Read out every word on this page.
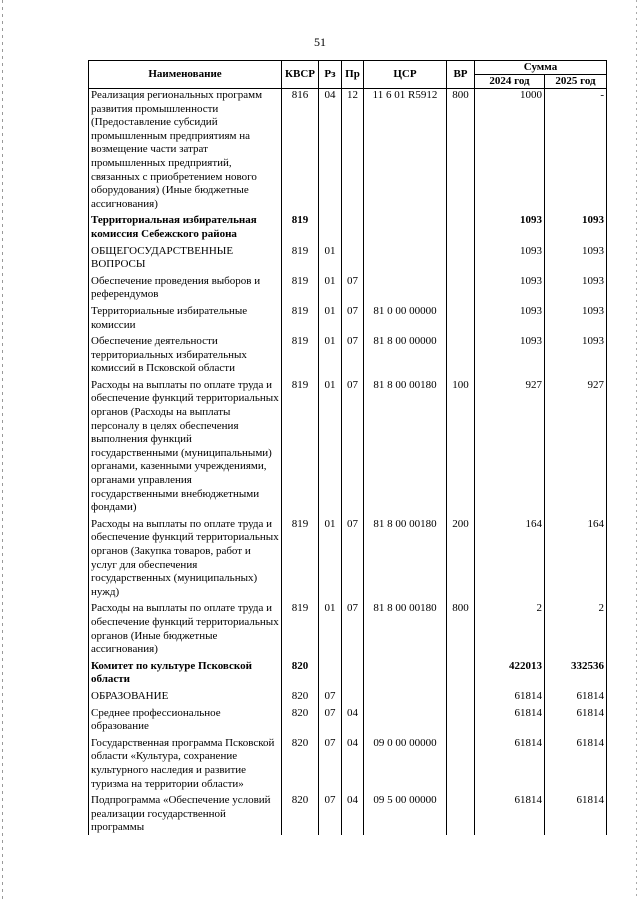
51
Наименование	КВСР	Рз	Пр	ЦСР	ВР	Сумма	
						2024 год	2025 год
Реализация региональных программ развития промышленности (Предоставление субсидий промышленным предприятиям на возмещение части затрат промышленных предприятий, связанных с приобретением нового оборудования) (Иные бюджетные ассигнования)	816	04	12	11 6 01 R5912	800	1000	-

Территориальная избирательная комиссия Себежского района	819					1093	1093

ОБЩЕГОСУДАРСТВЕННЫЕ ВОПРОСЫ	819	01				1093	1093

Обеспечение проведения выборов и референдумов	819	01	07			1093	1093

Территориальные избирательные комиссии	819	01	07	81 0 00 00000		1093	1093

Обеспечение деятельности территориальных избирательных комиссий в Псковской области	819	01	07	81 8 00 00000		1093	1093

Расходы на выплаты по оплате труда и обеспечение функций территориальных органов (Расходы на выплаты персоналу в целях обеспечения выполнения функций государственными (муниципальными) органами, казенными учреждениями, органами управления государственными внебюджетными фондами)	819	01	07	81 8 00 00180	100	927	927

Расходы на выплаты по оплате труда и обеспечение функций территориальных органов (Закупка товаров, работ и услуг для обеспечения государственных (муниципальных) нужд)	819	01	07	81 8 00 00180	200	164	164

Расходы на выплаты по оплате труда и обеспечение функций территориальных органов (Иные бюджетные ассигнования)	819	01	07	81 8 00 00180	800	2	2

Комитет по культуре Псковской области	820					422013	332536

ОБРАЗОВАНИЕ	820	07				61814	61814

Среднее профессиональное образование	820	07	04			61814	61814

Государственная программа Псковской области «Культура, сохранение культурного наследия и развитие туризма на территории области»	820	07	04	09 0 00 00000		61814	61814

Подпрограмма «Обеспечение условий реализации государственной программы	820	07	04	09 5 00 00000		61814	61814
